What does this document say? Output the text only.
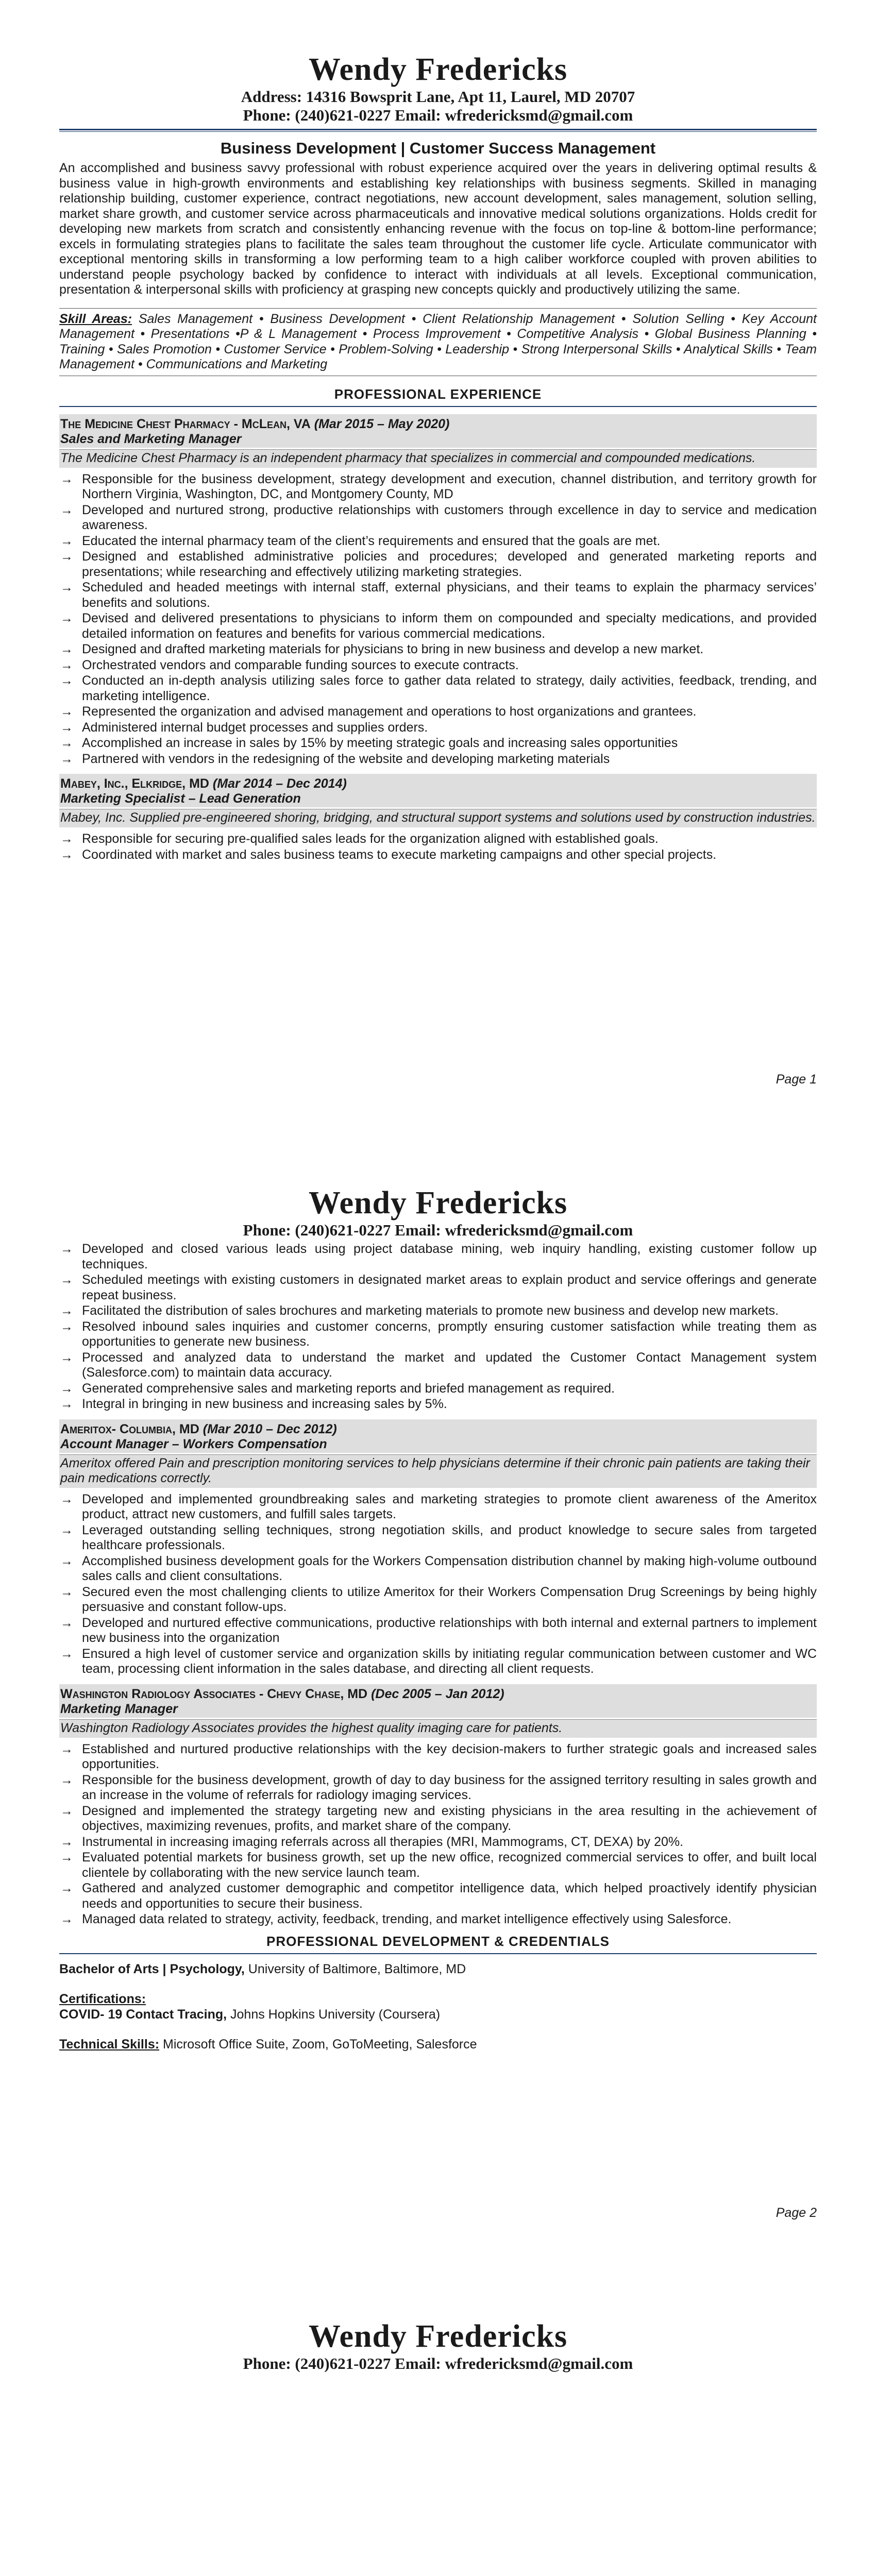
Wendy Fredericks
Address: 14316 Bowsprit Lane, Apt 11, Laurel, MD 20707
Phone: (240)621-0227 Email: wfredericksmd@gmail.com
Business Development | Customer Success Management
An accomplished and business savvy professional with robust experience acquired over the years in delivering optimal results & business value in high-growth environments and establishing key relationships with business segments. Skilled in managing relationship building, customer experience, contract negotiations, new account development, sales management, solution selling, market share growth, and customer service across pharmaceuticals and innovative medical solutions organizations. Holds credit for developing new markets from scratch and consistently enhancing revenue with the focus on top-line & bottom-line performance; excels in formulating strategies plans to facilitate the sales team throughout the customer life cycle. Articulate communicator with exceptional mentoring skills in transforming a low performing team to a high caliber workforce coupled with proven abilities to understand people psychology backed by confidence to interact with individuals at all levels. Exceptional communication, presentation & interpersonal skills with proficiency at grasping new concepts quickly and productively utilizing the same.
Skill Areas: Sales Management • Business Development • Client Relationship Management • Solution Selling • Key Account Management • Presentations •P & L Management • Process Improvement • Competitive Analysis • Global Business Planning • Training • Sales Promotion • Customer Service • Problem-Solving • Leadership • Strong Interpersonal Skills • Analytical Skills • Team Management • Communications and Marketing
PROFESSIONAL EXPERIENCE
The Medicine Chest Pharmacy - McLean, VA (Mar 2015 – May 2020)
Sales and Marketing Manager
The Medicine Chest Pharmacy is an independent pharmacy that specializes in commercial and compounded medications.
→ Responsible for the business development, strategy development and execution, channel distribution, and territory growth for Northern Virginia, Washington, DC, and Montgomery County, MD
→ Developed and nurtured strong, productive relationships with customers through excellence in day to service and medication awareness.
→ Educated the internal pharmacy team of the client’s requirements and ensured that the goals are met.
→ Designed and established administrative policies and procedures; developed and generated marketing reports and presentations; while researching and effectively utilizing marketing strategies.
→ Scheduled and headed meetings with internal staff, external physicians, and their teams to explain the pharmacy services’ benefits and solutions.
→ Devised and delivered presentations to physicians to inform them on compounded and specialty medications, and provided detailed information on features and benefits for various commercial medications.
→ Designed and drafted marketing materials for physicians to bring in new business and develop a new market.
→ Orchestrated vendors and comparable funding sources to execute contracts.
→ Conducted an in-depth analysis utilizing sales force to gather data related to strategy, daily activities, feedback, trending, and marketing intelligence.
→ Represented the organization and advised management and operations to host organizations and grantees.
→ Administered internal budget processes and supplies orders.
→ Accomplished an increase in sales by 15% by meeting strategic goals and increasing sales opportunities
→ Partnered with vendors in the redesigning of the website and developing marketing materials
Mabey, Inc., Elkridge, MD (Mar 2014 – Dec 2014)
Marketing Specialist – Lead Generation
Mabey, Inc. Supplied pre-engineered shoring, bridging, and structural support systems and solutions used by construction industries.
→ Responsible for securing pre-qualified sales leads for the organization aligned with established goals.
→ Coordinated with market and sales business teams to execute marketing campaigns and other special projects.
Page 1
Wendy Fredericks
Phone: (240)621-0227 Email: wfredericksmd@gmail.com
→ Developed and closed various leads using project database mining, web inquiry handling, existing customer follow up techniques.
→ Scheduled meetings with existing customers in designated market areas to explain product and service offerings and generate repeat business.
→ Facilitated the distribution of sales brochures and marketing materials to promote new business and develop new markets.
→ Resolved inbound sales inquiries and customer concerns, promptly ensuring customer satisfaction while treating them as opportunities to generate new business.
→ Processed and analyzed data to understand the market and updated the Customer Contact Management system (Salesforce.com) to maintain data accuracy.
→ Generated comprehensive sales and marketing reports and briefed management as required.
→ Integral in bringing in new business and increasing sales by 5%.
Ameritox- Columbia, MD (Mar 2010 – Dec 2012)
Account Manager – Workers Compensation
Ameritox offered Pain and prescription monitoring services to help physicians determine if their chronic pain patients are taking their pain medications correctly.
→ Developed and implemented groundbreaking sales and marketing strategies to promote client awareness of the Ameritox product, attract new customers, and fulfill sales targets.
→ Leveraged outstanding selling techniques, strong negotiation skills, and product knowledge to secure sales from targeted healthcare professionals.
→ Accomplished business development goals for the Workers Compensation distribution channel by making high-volume outbound sales calls and client consultations.
→ Secured even the most challenging clients to utilize Ameritox for their Workers Compensation Drug Screenings by being highly persuasive and constant follow-ups.
→ Developed and nurtured effective communications, productive relationships with both internal and external partners to implement new business into the organization
→ Ensured a high level of customer service and organization skills by initiating regular communication between customer and WC team, processing client information in the sales database, and directing all client requests.
Washington Radiology Associates - Chevy Chase, MD (Dec 2005 – Jan 2012)
Marketing Manager
Washington Radiology Associates provides the highest quality imaging care for patients.
→ Established and nurtured productive relationships with the key decision-makers to further strategic goals and increased sales opportunities.
→ Responsible for the business development, growth of day to day business for the assigned territory resulting in sales growth and an increase in the volume of referrals for radiology imaging services.
→ Designed and implemented the strategy targeting new and existing physicians in the area resulting in the achievement of objectives, maximizing revenues, profits, and market share of the company.
→ Instrumental in increasing imaging referrals across all therapies (MRI, Mammograms, CT, DEXA) by 20%.
→ Evaluated potential markets for business growth, set up the new office, recognized commercial services to offer, and built local clientele by collaborating with the new service launch team.
→ Gathered and analyzed customer demographic and competitor intelligence data, which helped proactively identify physician needs and opportunities to secure their business.
→ Managed data related to strategy, activity, feedback, trending, and market intelligence effectively using Salesforce.
PROFESSIONAL DEVELOPMENT & CREDENTIALS
Bachelor of Arts | Psychology, University of Baltimore, Baltimore, MD
Certifications:
COVID- 19 Contact Tracing, Johns Hopkins University (Coursera)
Technical Skills: Microsoft Office Suite, Zoom, GoToMeeting, Salesforce
Page 2
Wendy Fredericks
Phone: (240)621-0227 Email: wfredericksmd@gmail.com
